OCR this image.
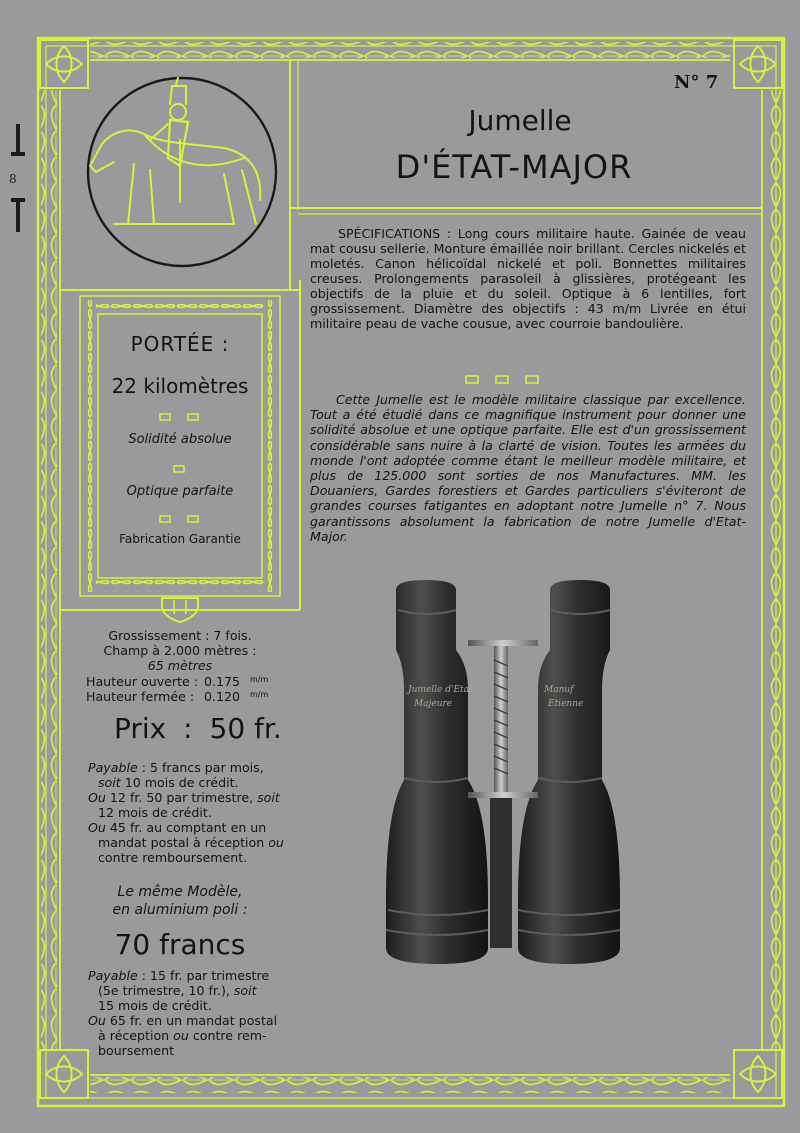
8
N° 7
Jumelle
D'ÉTAT-MAJOR
SPÉCIFICATIONS : Long cours militaire haute. Gainée de veau mat cousu sellerie. Monture émaillée noir brillant. Cercles nickelés et moletés. Canon hélicoïdal nickelé et poli. Bonnettes militaires creuses. Prolongements parasoleil à glissières, protégeant les objectifs de la pluie et du soleil. Optique à 6 lentilles, fort grossissement. Diamètre des objectifs : 43 m/m Livrée en étui militaire peau de vache cousue, avec courroie bandoulière.
Cette Jumelle est le modèle militaire classique par excellence. Tout a été étudié dans ce magnifique instrument pour donner une solidité absolue et une optique parfaite. Elle est d'un grossissement considérable sans nuire à la clarté de vision. Toutes les armées du monde l'ont adoptée comme étant le meilleur modèle militaire, et plus de 125.000 sont sorties de nos Manufactures. MM. les Douaniers, Gardes forestiers et Gardes particuliers s'éviteront de grandes courses fatigantes en adoptant notre Jumelle n° 7. Nous garantissons absolument la fabrication de notre Jumelle d'Etat-Major.
PORTÉE :
22 kilomètres
Solidité absolue
Optique parfaite
Fabrication Garantie
Grossissement : 7 fois.
Champ à 2.000 mètres :
65 mètres
Hauteur ouverte : 0.175 m/m
Hauteur fermée : 0.120 m/m
Prix : 50 fr.
Payable : 5 francs par mois,
soit 10 mois de crédit.
Ou 12 fr. 50 par trimestre, soit
12 mois de crédit.
Ou 45 fr. au comptant en un
mandat postal à réception ou
contre remboursement.
Le même Modèle,
en aluminium poli :
70 francs
Payable : 15 fr. par trimestre
(5e trimestre, 10 fr.), soit
15 mois de crédit.
Ou 65 fr. en un mandat postal
à réception ou contre rem-
boursement
Jumelle d'Etat
Majeure
Manuf
Etienne
